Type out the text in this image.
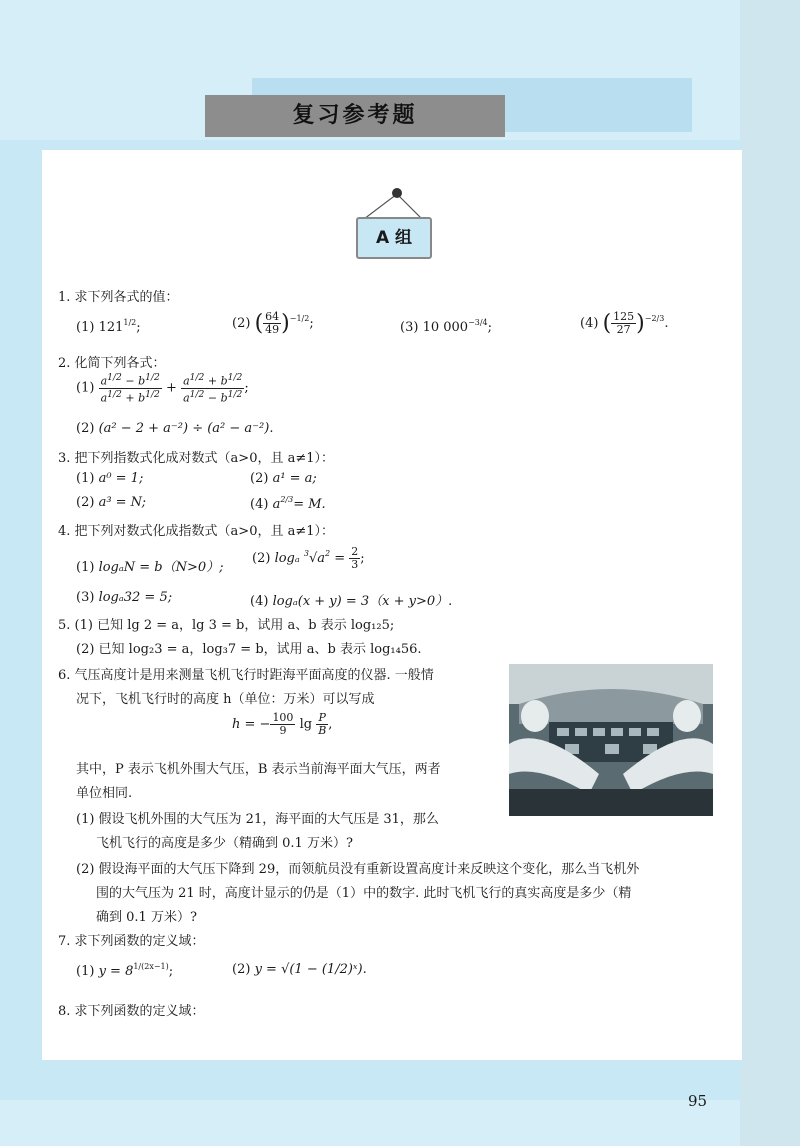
复习参考题
A 组
1. 求下列各式的值：
(1) $121^{1/2}$;	(2) ( $\frac{64}{49} )^{-1/2}$;	(3) 10 $000^{-3/4}$;	(4) ( $\frac{125}{27} )^{-2/3}$.
2. 化简下列各式：
$(1) \frac{a^{1/2} - b^{1/2}}{a^{1/2} + b^{1/2}} + \frac{a^{1/2} + b^{1/2}}{a^{1/2} - b^{1/2}}$ ;
(2) (a² − 2 + a⁻²) ÷ (a² − a⁻²).
3. 把下列指数式化成对数式（a>0，且 a≠1）：
(1) a⁰ = 1;	(2) a¹ = a;
(2) a³ = N;	(4) $a^{2/3}= M$.
4. 把下列对数式化成指数式（a>0，且 a≠1）：
(1) logₐN = b（N>0）;
(2) logₐ $^3√a^2 = \frac{2}{3}$ ;
(3) logₐ32 = 5;	(4) logₐ(x + y) = 3（x + y>0）.
5. (1) 已知 lg 2 = a，lg 3 = b，试用 a、b 表示 log₁₂5;
(2) 已知 log₂3 = a，log₃7 = b，试用 a、b 表示 log₁₄56.
6. 气压高度计是用来测量飞机飞行时距海平面高度的仪器. 一般情
况下，飞机飞行时的高度 h（单位：万米）可以写成
h = − $\frac{100}{9}$ $\lg \frac{P}{B}$ ,
其中，P 表示飞机外围大气压，B 表示当前海平面大气压，两者
单位相同.
(1) 假设飞机外围的大气压为 21，海平面的大气压是 31，那么
飞机飞行的高度是多少（精确到 0.1 万米）?
(2) 假设海平面的大气压下降到 29，而领航员没有重新设置高度计来反映这个变化，那么当飞机外
围的大气压为 21 时，高度计显示的仍是（1）中的数字. 此时飞机飞行的真实高度是多少（精
确到 0.1 万米）?
7. 求下列函数的定义域：
(1) $y = 8^{1/(2x-1)}$;	(2) y = √(1 − (1/2)ˣ).
8. 求下列函数的定义域：
95
